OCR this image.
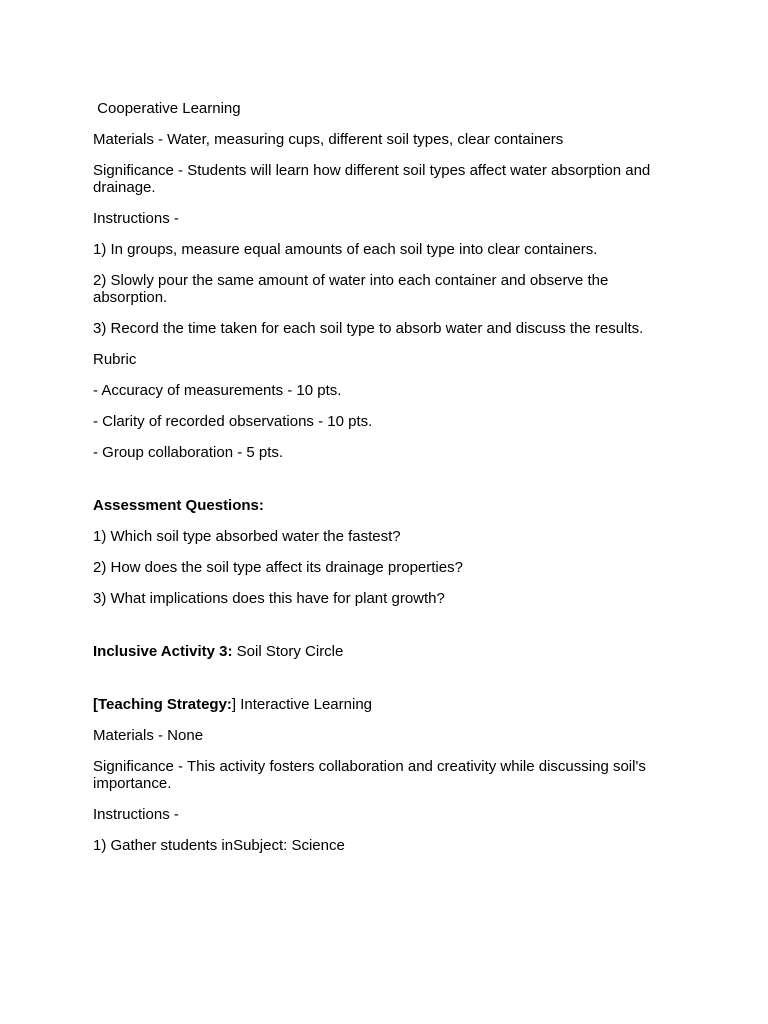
Cooperative Learning

Materials - Water, measuring cups, different soil types, clear containers

Significance - Students will learn how different soil types affect water absorption and drainage.

Instructions -

1) In groups, measure equal amounts of each soil type into clear containers.

2) Slowly pour the same amount of water into each container and observe the absorption.

3) Record the time taken for each soil type to absorb water and discuss the results.

Rubric

- Accuracy of measurements - 10 pts.

- Clarity of recorded observations - 10 pts.

- Group collaboration - 5 pts.

Assessment Questions:

1) Which soil type absorbed water the fastest?

2) How does the soil type affect its drainage properties?

3) What implications does this have for plant growth?

Inclusive Activity 3: Soil Story Circle

[Teaching Strategy:] Interactive Learning

Materials - None

Significance - This activity fosters collaboration and creativity while discussing soil's importance.

Instructions -

1) Gather students inSubject: Science
